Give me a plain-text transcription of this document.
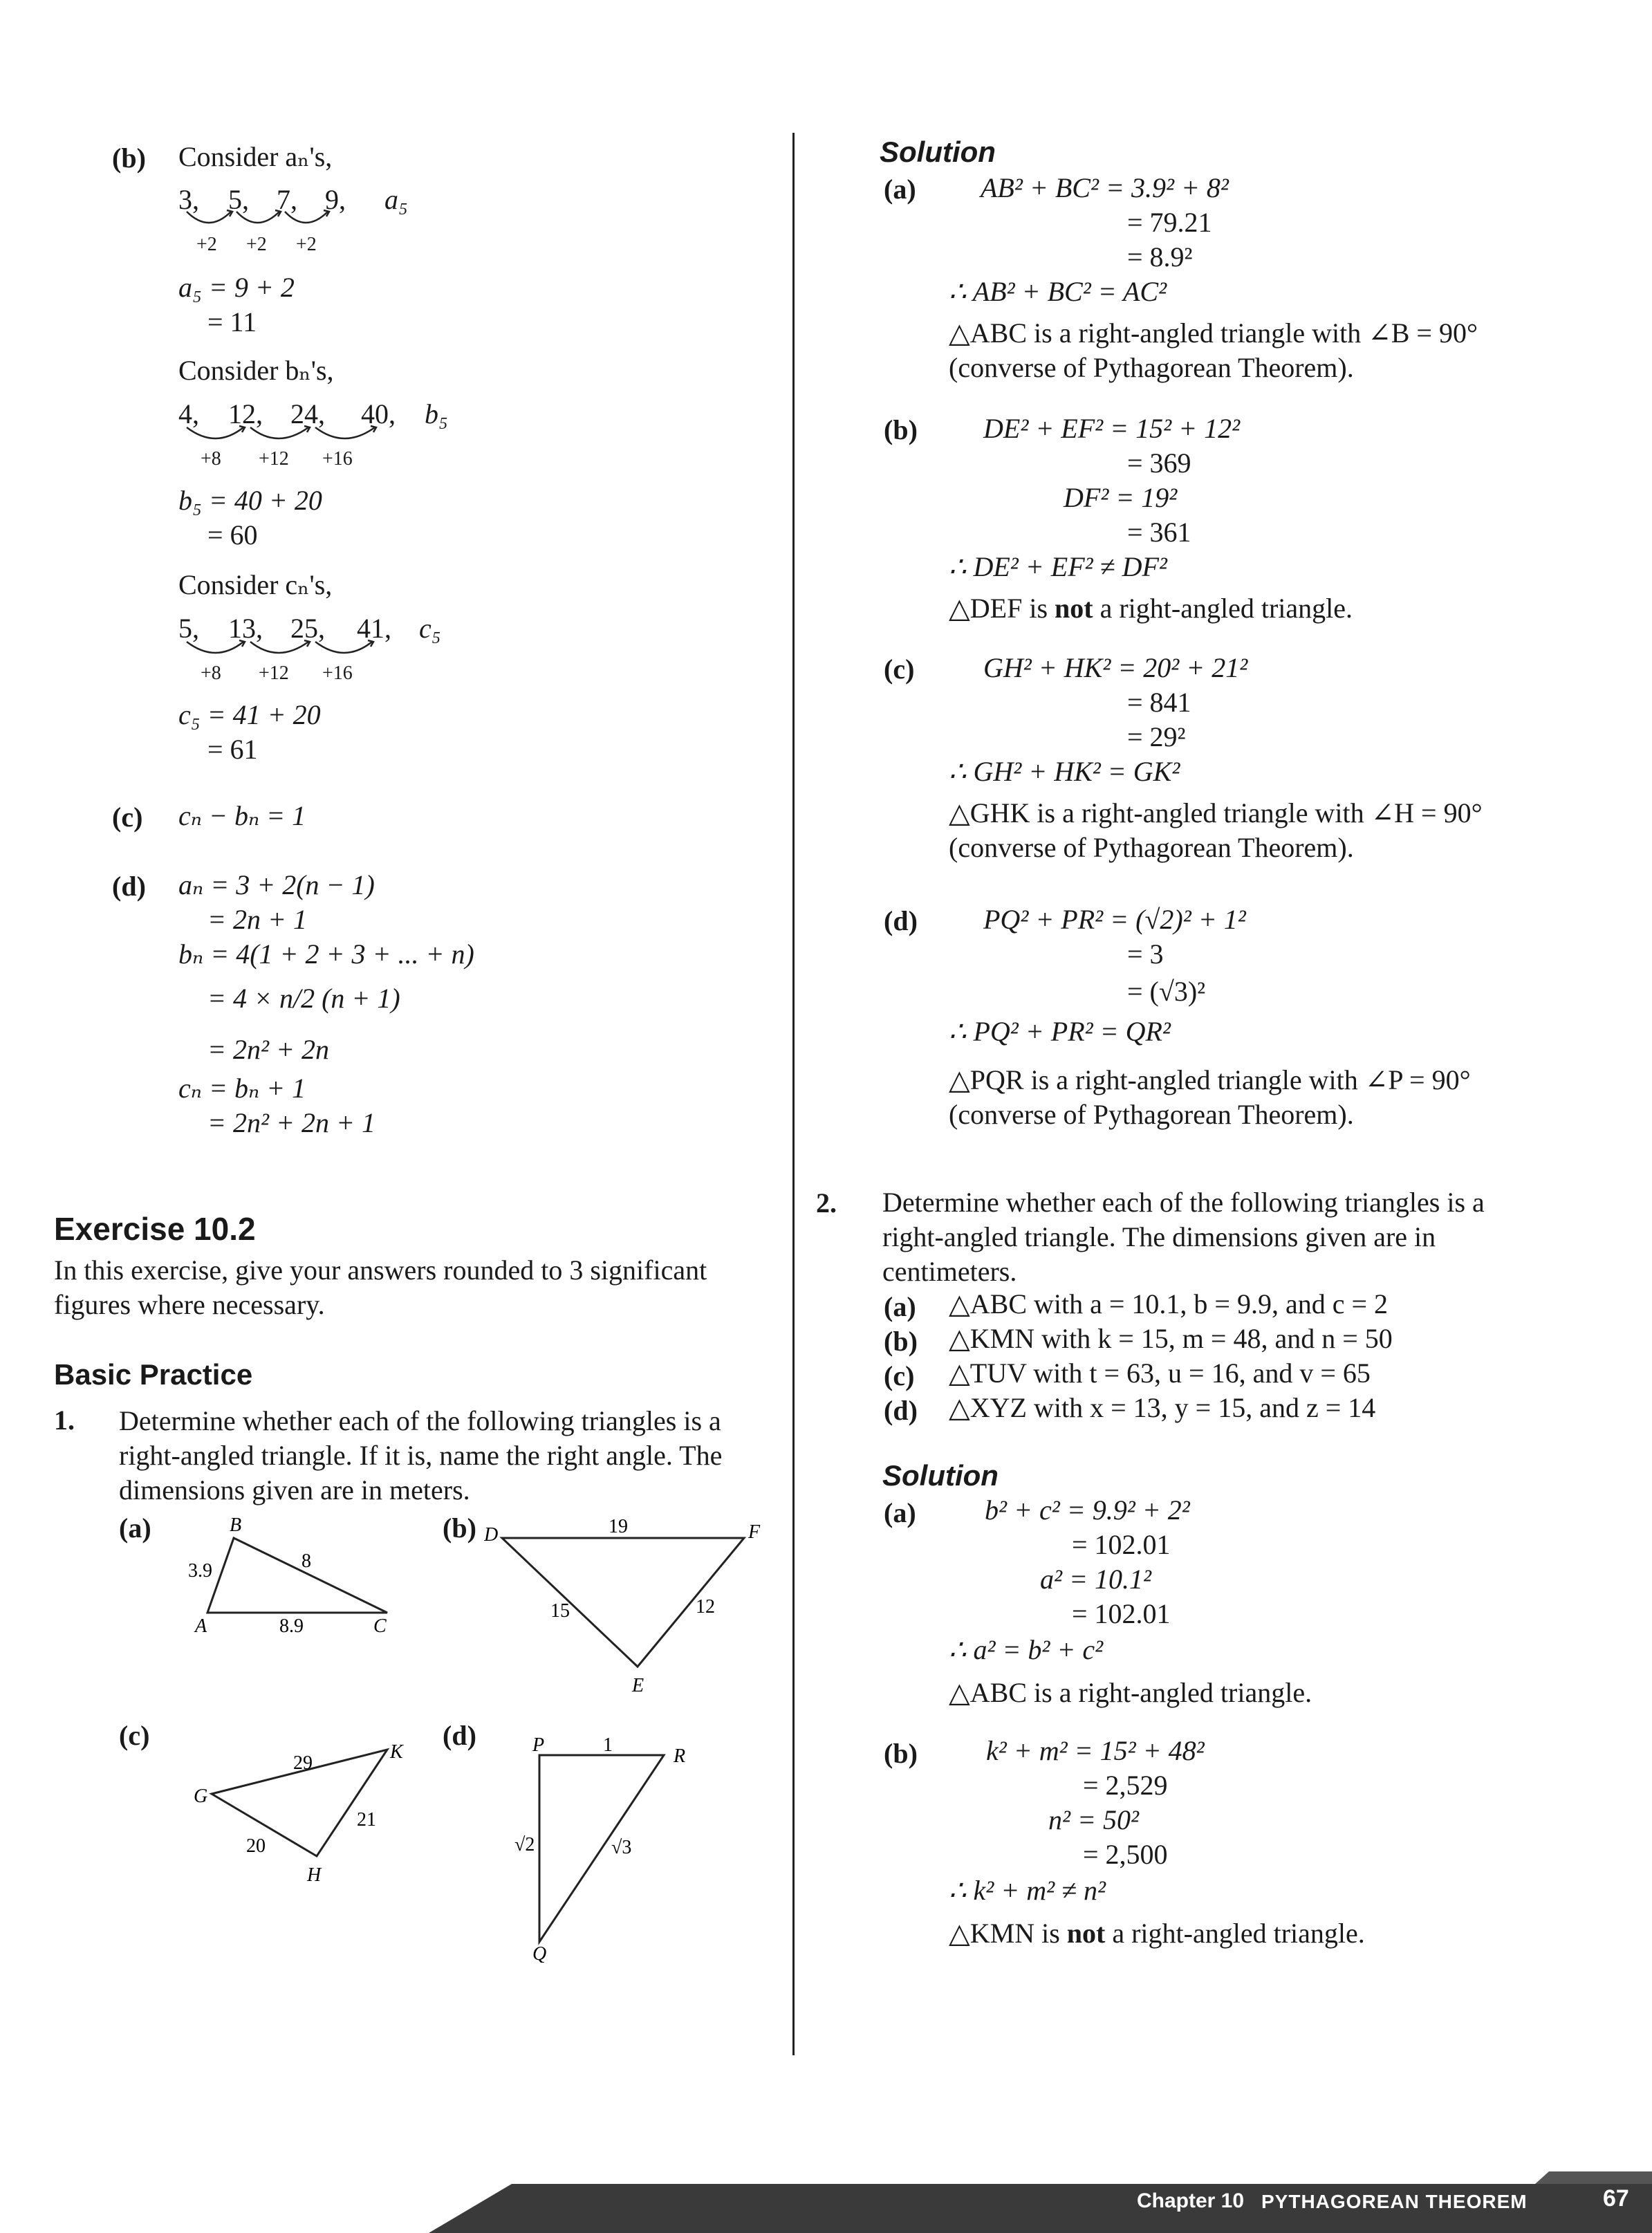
(b) Consider aₙ's,
3, 5, 7, 9, a₅
+2 +2 +2
a₅ = 9 + 2
= 11
Consider bₙ's,
4, 12, 24, 40, b₅
+8 +12 +16
b₅ = 40 + 20
= 60
Consider cₙ's,
5, 13, 25, 41, c₅
+8 +12 +16
c₅ = 41 + 20
= 61
(c) cₙ − bₙ = 1
(d) aₙ = 3 + 2(n − 1)
= 2n + 1
bₙ = 4(1 + 2 + 3 + ... + n)
= 4 × n/2 (n + 1)
= 2n² + 2n
cₙ = bₙ + 1
= 2n² + 2n + 1
Exercise 10.2
In this exercise, give your answers rounded to 3 significant figures where necessary.
Basic Practice
1. Determine whether each of the following triangles is a right-angled triangle. If it is, name the right angle. The dimensions given are in meters.
(a)	(b)
(c)	(d)
B
A	C
3.9	8
8.9
D	F
E
19
15	12
G
K
H
29
20
21
P
R
Q
1
√2	√3
Solution
(a) AB² + BC² = 3.9² + 8²
= 79.21
= 8.9²
∴ AB² + BC² = AC²
△ABC is a right-angled triangle with ∠B = 90°
(converse of Pythagorean Theorem).
(b) DE² + EF² = 15² + 12²
= 369
DF² = 19²
= 361
∴ DE² + EF² ≠ DF²
△DEF is not a right-angled triangle.
(c) GH² + HK² = 20² + 21²
= 841
= 29²
∴ GH² + HK² = GK²
△GHK is a right-angled triangle with ∠H = 90°
(converse of Pythagorean Theorem).
(d) PQ² + PR² = (√2)² + 1²
= 3
= (√3)²
∴ PQ² + PR² = QR²
△PQR is a right-angled triangle with ∠P = 90°
(converse of Pythagorean Theorem).
2. Determine whether each of the following triangles is a right-angled triangle. The dimensions given are in centimeters.
(a) △ABC with a = 10.1, b = 9.9, and c = 2
(b) △KMN with k = 15, m = 48, and n = 50
(c) △TUV with t = 63, u = 16, and v = 65
(d) △XYZ with x = 13, y = 15, and z = 14
Solution
(a) b² + c² = 9.9² + 2²
= 102.01
a² = 10.1²
= 102.01
∴ a² = b² + c²
△ABC is a right-angled triangle.
(b) k² + m² = 15² + 48²
= 2,529
n² = 50²
= 2,500
∴ k² + m² ≠ n²
△KMN is not a right-angled triangle.
Chapter 10 PYTHAGOREAN THEOREM	67
